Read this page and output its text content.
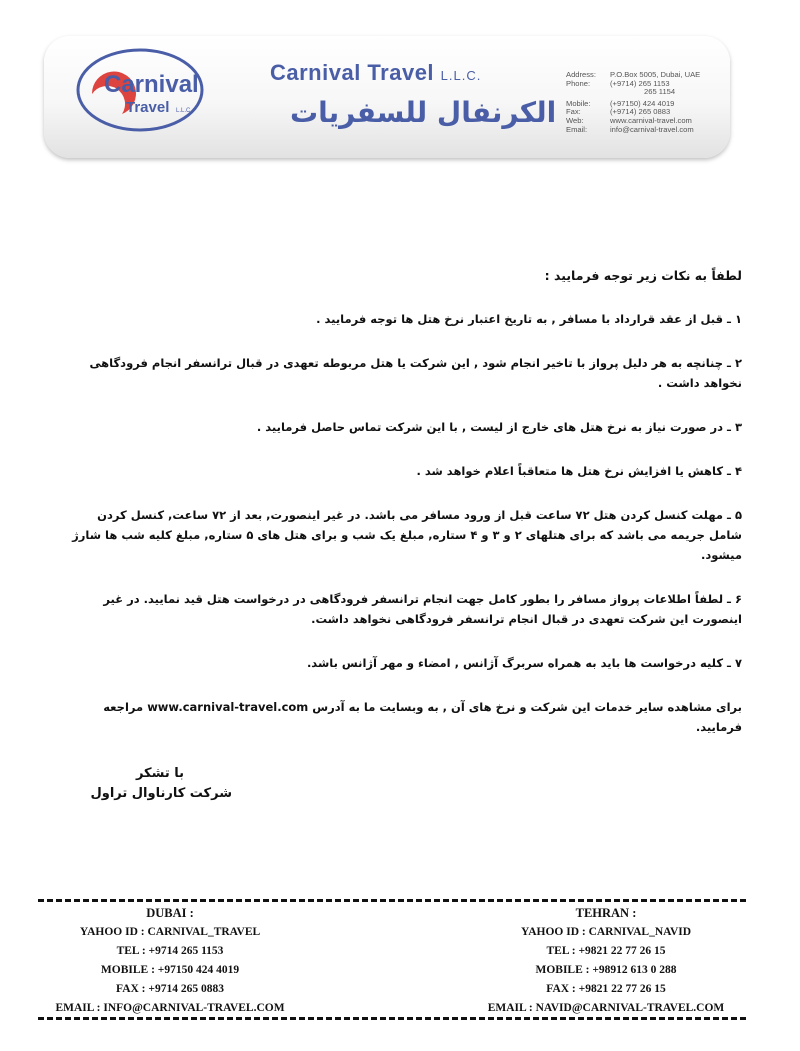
Carnival
Travel L.L.C.
Carnival Travel L.L.C.
الكرنفال للسفريات
Address:	P.O.Box 5005, Dubai, UAE
Phone:	(+9714) 265 1153
	265 1154
Mobile:	(+97150) 424 4019
Fax:	(+9714) 265 0883
Web:	www.carnival-travel.com
Email:	info@carnival-travel.com

لطفاً به نكات زير توجه فرماييد :

۱ ـ قبل از عقد قرارداد با مسافر , به تاريخ اعتبار نرخ هتل ها توجه فرماييد .

۲ ـ چنانچه به هر دليل پرواز با تاخير انجام شود , اين شركت يا هتل مربوطه تعهدی در قبال ترانسفر انجام فرودگاهی نخواهد داشت .

۳ ـ در صورت نياز به نرخ هتل های خارج از ليست , با اين شركت تماس حاصل فرماييد .

۴ ـ كاهش يا افزايش نرخ هتل ها متعاقباً اعلام خواهد شد .

۵ ـ مهلت كنسل كردن هتل ۷۲ ساعت قبل از ورود مسافر می باشد. در غير اينصورت, بعد از ۷۲ ساعت, كنسل كردن شامل جريمه می باشد كه برای هتلهای ۲ و ۳ و ۴ ستاره, مبلغ يک شب و برای هتل های ۵ ستاره, مبلغ كليه شب ها شارژ ميشود.

۶ ـ لطفاً اطلاعات پرواز مسافر را بطور كامل جهت انجام ترانسفر فرودگاهی در درخواست هتل قيد نماييد. در غير اينصورت اين شركت تعهدی در قبال انجام ترانسفر فرودگاهی نخواهد داشت.

۷ ـ كليه درخواست ها بايد به همراه سربرگ آژانس , امضاء و مهر آژانس باشد.

برای مشاهده ساير خدمات اين شركت و نرخ های آن , به وبسايت ما به آدرس www.carnival-travel.com مراجعه فرماييد.

با تشكر
شركت كارناوال تراول
DUBAI :
YAHOO ID : CARNIVAL_TRAVEL
TEL : +9714 265 1153
MOBILE : +97150 424 4019
FAX : +9714 265 0883
EMAIL : INFO@CARNIVAL-TRAVEL.COM
TEHRAN :
YAHOO ID : CARNIVAL_NAVID
TEL : +9821 22 77 26 15
MOBILE : +98912 613 0 288
FAX : +9821 22 77 26 15
EMAIL : NAVID@CARNIVAL-TRAVEL.COM
